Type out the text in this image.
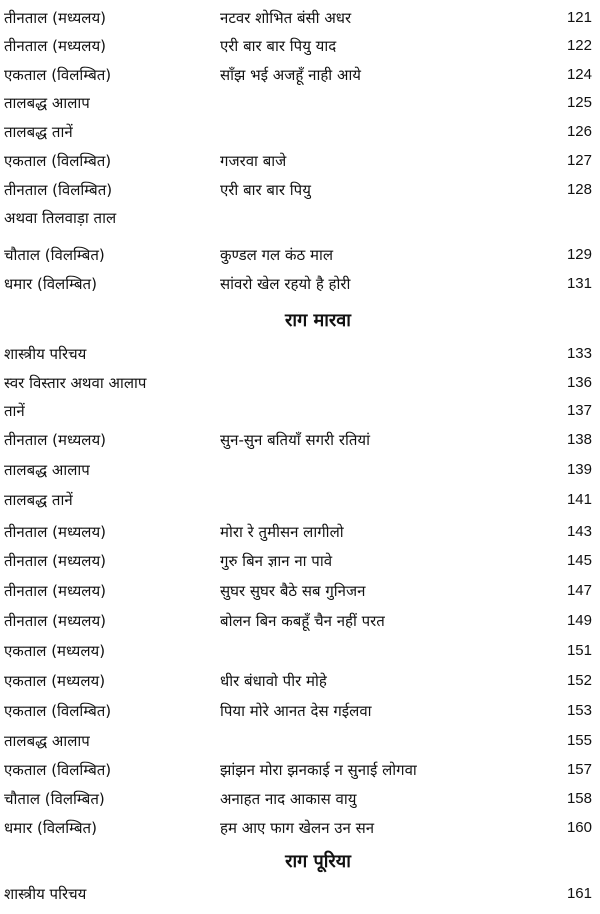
तीनताल (मध्यलय)	नटवर शोभित बंसी अधर	121
तीनताल (मध्यलय)	एरी बार बार पियु याद	122
एकताल (विलम्बित)	साँझ भई अजहूँ नाही आये	124
तालबद्ध आलाप	125
तालबद्ध तानें	126
एकताल (विलम्बित)	गजरवा बाजे	127
तीनताल (विलम्बित)	एरी बार बार पियु	128
अथवा तिलवाड़ा ताल
चौताल (विलम्बित)	कुण्डल गल कंठ माल	129
धमार (विलम्बित)	सांवरो खेल रहयो है होरी	131
राग मारवा
शास्त्रीय परिचय	133
स्वर विस्तार अथवा आलाप	136
तानें	137
तीनताल (मध्यलय)	सुन-सुन बतियाँ सगरी रतियां	138
तालबद्ध आलाप	139
तालबद्ध तानें	141
तीनताल (मध्यलय)	मोरा रे तुमीसन लागीलो	143
तीनताल (मध्यलय)	गुरु बिन ज्ञान ना पावे	145
तीनताल (मध्यलय)	सुघर सुघर बैठे सब गुनिजन	147
तीनताल (मध्यलय)	बोलन बिन कबहूँ चैन नहीं परत	149
एकताल (मध्यलय)	151
एकताल (मध्यलय)	धीर बंधावो पीर मोहे	152
एकताल (विलम्बित)	पिया मोरे आनत देस गईलवा	153
तालबद्ध आलाप	155
एकताल (विलम्बित)	झांझन मोरा झनकाई न सुनाई लोगवा	157
चौताल (विलम्बित)	अनाहत नाद आकास वायु	158
धमार (विलम्बित)	हम आए फाग खेलन उन सन	160
राग पूरिया
शास्त्रीय परिचय	161
